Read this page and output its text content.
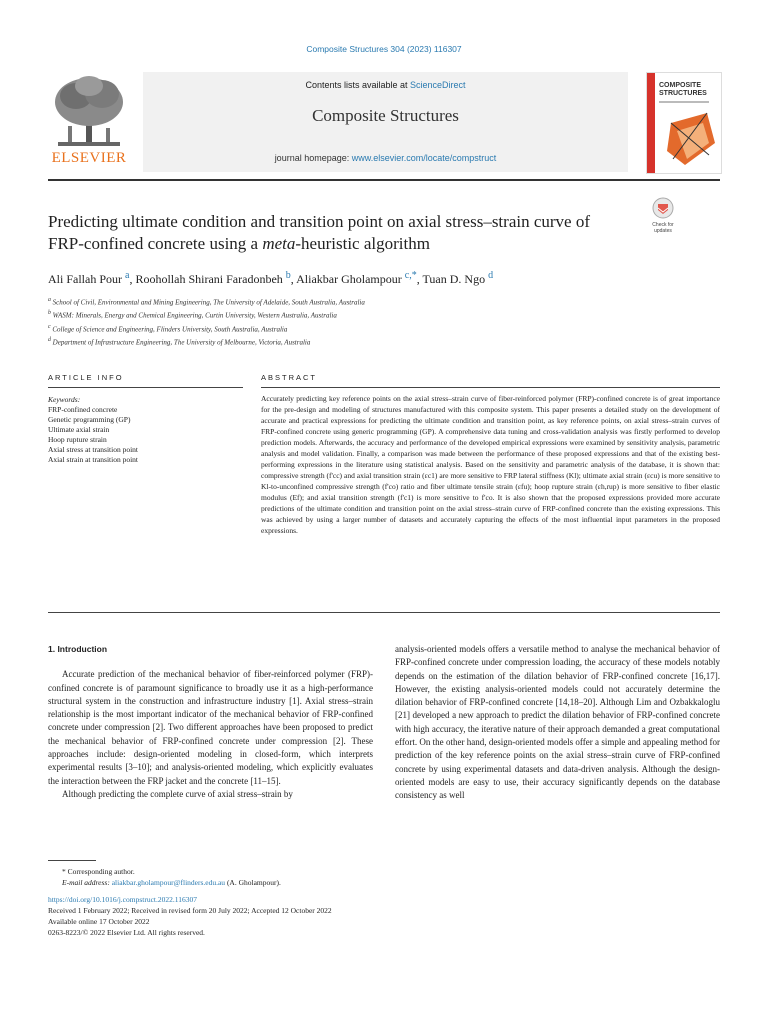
Composite Structures 304 (2023) 116307
ELSEVIER
Contents lists available at ScienceDirect
Composite Structures
journal homepage: www.elsevier.com/locate/compstruct
COMPOSITE
STRUCTURES
Predicting ultimate condition and transition point on axial stress–strain curve of FRP-confined concrete using a meta-heuristic algorithm
Check for
updates
Ali Fallah Pour $^a$, Roohollah Shirani Faradonbeh $^b$, Aliakbar Gholampour $^{c,*}$, Tuan D. Ngo $^d$
$^a$ School of Civil, Environmental and Mining Engineering, The University of Adelaide, South Australia, Australia
$^b$ WASM: Minerals, Energy and Chemical Engineering, Curtin University, Western Australia, Australia
$^c$ College of Science and Engineering, Flinders University, South Australia, Australia
$^d$ Department of Infrastructure Engineering, The University of Melbourne, Victoria, Australia
ARTICLE INFO	ABSTRACT
Keywords:
FRP-confined concrete
Genetic programming (GP)
Ultimate axial strain
Hoop rupture strain
Axial stress at transition point
Axial strain at transition point
Accurately predicting key reference points on the axial stress–strain curve of fiber-reinforced polymer (FRP)-confined concrete is of great importance for the pre-design and modeling of structures manufactured with this composite system. This paper presents a detailed study on the development of accurate and practical expressions for predicting the ultimate condition and transition point, as key reference points, on axial stress–strain curves of FRP-confined concrete using generic programming (GP). A comprehensive data tuning and cross-validation analysis was firstly performed to develop prediction models. Afterwards, the accuracy and performance of the developed empirical expressions were examined by sensitivity analysis, parametric analysis and model validation. Finally, a comparison was made between the performance of these proposed expressions and that of the existing best-performing expressions in the literature using statistical analysis. Based on the sensitivity and parametric analysis of the database, it is shown that: compressive strength (f'cc) and axial transition strain (εc1) are more sensitive to FRP lateral stiffness (Kl); ultimate axial strain (εcu) is more sensitive to Kl-to-unconfined compressive strength (f'co) ratio and fiber ultimate tensile strain (εfu); hoop rupture strain (εh,rup) is more sensitive to fiber elastic modulus (Ef); and axial transition strength (f'c1) is more sensitive to f'co. It is also shown that the proposed expressions provided more accurate predictions of the ultimate condition and transition point on the axial stress–strain curve of FRP-confined concrete than the existing expressions. This was achieved by using a larger number of datasets and accurately capturing the effects of the most influential input parameters in the proposed expressions.
1. Introduction

Accurate prediction of the mechanical behavior of fiber-reinforced polymer (FRP)-confined concrete is of paramount significance to broadly use it as a high-performance structural system in the construction and infrastructure industry [1]. Axial stress–strain relationship is the most important indicator of the mechanical behavior of FRP-confined concrete under compression [2]. Two different approaches have been proposed to predict the mechanical behavior of FRP-confined concrete under compression [2]. These approaches include: design-oriented modeling in closed-form, which interprets experimental results [3–10]; and analysis-oriented modeling, which explicitly evaluates the interaction between the FRP jacket and the concrete [11–15].

Although predicting the complete curve of axial stress–strain by

analysis-oriented models offers a versatile method to analyse the mechanical behavior of FRP-confined concrete under compression loading, the accuracy of these models notably depends on the estimation of the dilation behavior of FRP-confined concrete [16,17]. However, the existing analysis-oriented models could not accurately determine the dilation behavior of FRP-confined concrete [14,18–20]. Although Lim and Ozbakkaloglu [21] developed a new approach to predict the dilation behavior of FRP-confined concrete with high accuracy, the iterative nature of their approach demanded a great computational effort. On the other hand, design-oriented models offer a simple and appealing method for prediction of the key reference points on the axial stress–strain curve of FRP-confined concrete by using experimental datasets and data-driven analysis. Although the design-oriented models are easy to use, their accuracy significantly depends on the database consistency as well

* Corresponding author.
E-mail address: aliakbar.gholampour@flinders.edu.au (A. Gholampour).
https://doi.org/10.1016/j.compstruct.2022.116307
Received 1 February 2022; Received in revised form 20 July 2022; Accepted 12 October 2022
Available online 17 October 2022
0263-8223/© 2022 Elsevier Ltd. All rights reserved.
